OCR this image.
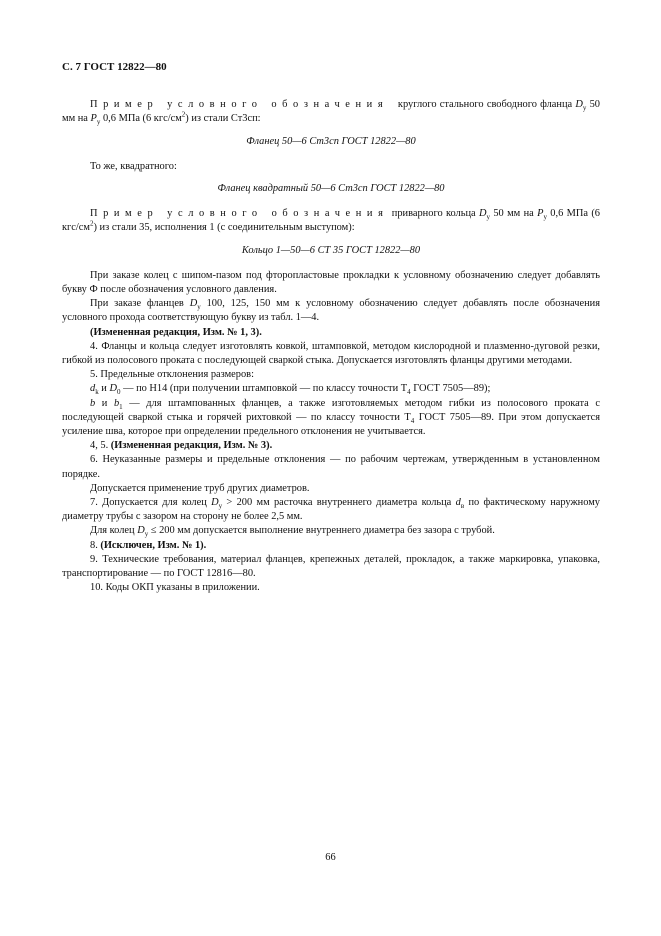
С. 7 ГОСТ 12822—80

Пример условного обозначения круглого стального свободного фланца $D_y$ 50 мм на $P_y$ 0,6 МПа (6 кгс/$см^2$) из стали Ст3сп:

Фланец 50—6 Ст3сп ГОСТ 12822—80

То же, квадратного:

Фланец квадратный 50—6 Ст3сп ГОСТ 12822—80

Пример условного обозначения приварного кольца $D_y$ 50 мм на $P_y$ 0,6 МПа (6 кгс/$см^2$) из стали 35, исполнения 1 (с соединительным выступом):

Кольцо 1—50—6 СТ 35 ГОСТ 12822—80

При заказе колец с шипом-пазом под фторопластовые прокладки к условному обозначению следует добавлять букву Ф после обозначения условного давления.

При заказе фланцев $D_y$ 100, 125, 150 мм к условному обозначению следует добавлять после обозначения условного прохода соответствующую букву из табл. 1—4.

(Измененная редакция, Изм. № 1, 3).

4. Фланцы и кольца следует изготовлять ковкой, штамповкой, методом кислородной и плазменно-дуговой резки, гибкой из полосового проката с последующей сваркой стыка. Допускается изготовлять фланцы другими методами.

5. Предельные отклонения размеров:

$d_k$ и $D_0$ — по Н14 (при получении штамповкой — по классу точности $Т_4$ ГОСТ 7505—89);

b и $b_1$ — для штампованных фланцев, а также изготовляемых методом гибки из полосового проката с последующей сваркой стыка и горячей рихтовкой — по классу точности $Т_4$ ГОСТ 7505—89. При этом допускается усиление шва, которое при определении предельного отклонения не учитывается.

4, 5. (Измененная редакция, Изм. № 3).

6. Неуказанные размеры и предельные отклонения — по рабочим чертежам, утвержденным в установленном порядке.

Допускается применение труб других диаметров.

7. Допускается для колец $D_y > 200$ мм расточка внутреннего диаметра кольца $d_в$ по фактическому наружному диаметру трубы с зазором на сторону не более 2,5 мм.

Для колец $D_y \le 200$ мм допускается выполнение внутреннего диаметра без зазора с трубой.

8. (Исключен, Изм. № 1).

9. Технические требования, материал фланцев, крепежных деталей, прокладок, а также маркировка, упаковка, транспортирование — по ГОСТ 12816—80.

10. Коды ОКП указаны в приложении.

66
